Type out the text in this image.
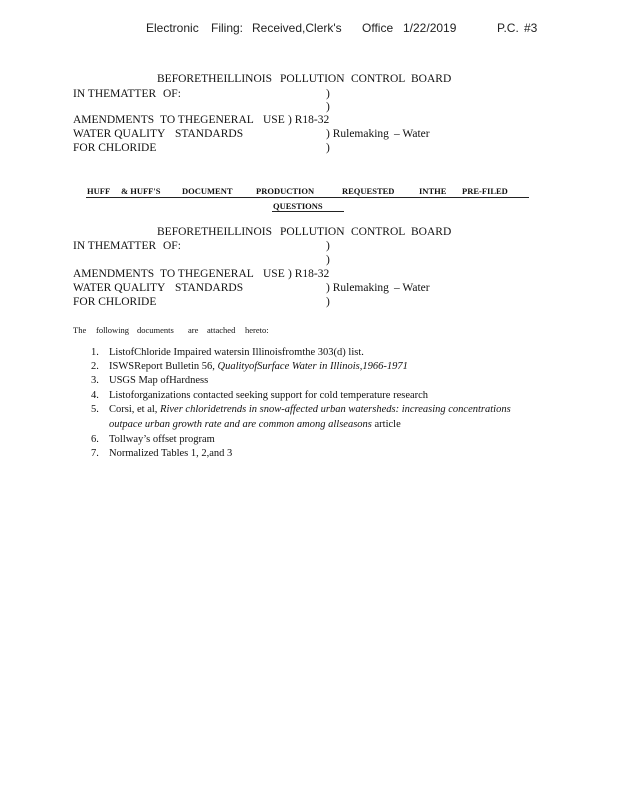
Electronic Filing: Received,Clerk's Office 1/22/2019	P.C. #3
BEFORETHEILLINOIS POLLUTION CONTROL BOARD
IN THEMATTER OF:	)
)
AMENDMENTS TO THEGENERAL USE ) R18-32
WATER QUALITY STANDARDS	) Rulemaking – Water
FOR CHLORIDE	)
HUFF & HUFF'S	DOCUMENT	PRODUCTION	REQUESTED	INTHE PRE-FILED
QUESTIONS
BEFORETHEILLINOIS POLLUTION CONTROL BOARD
IN THEMATTER OF:	)
)
AMENDMENTS TO THEGENERAL USE ) R18-32
WATER QUALITY STANDARDS	) Rulemaking – Water
FOR CHLORIDE	)
The following documents are attached hereto:
1. ListofChloride Impaired watersin Illinoisfromthe 303(d) list.
2. ISWSReport Bulletin 56, QualityofSurface Water in Illinois,1966-1971
3. USGS Map ofHardness
4. Listoforganizations contacted seeking support for cold temperature research
5. Corsi, et al, River chloridetrends in snow-affected urban watersheds: increasing concentrations
outpace urban growth rate and are common among allseasons article
6. Tollway’s offset program
7. Normalized Tables 1, 2,and 3
